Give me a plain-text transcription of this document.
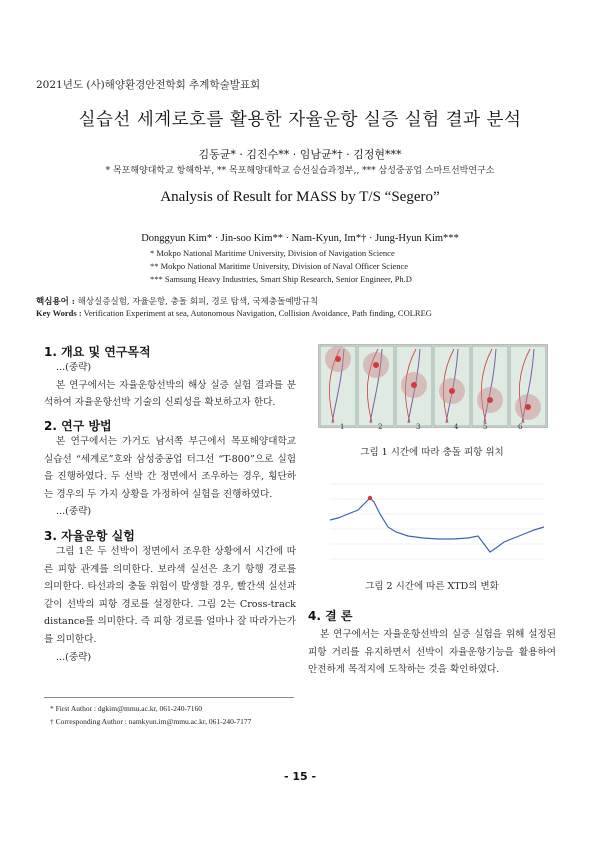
2021년도 (사)해양환경안전학회 추계학술발표회
실습선 세계로호를 활용한 자율운항 실증 실험 결과 분석
김동균* · 김진수** · 임남균*† · 김정현***
* 목포해양대학교 항해학부, ** 목포해양대학교 승선실습과정부,, *** 삼성중공업 스마트선박연구소
Analysis of Result for MASS by T/S “Segero”
Donggyun Kim* · Jin-soo Kim** · Nam-Kyun, Im*† · Jung-Hyun Kim***
* Mokpo National Maritime University, Division of Navigation Science
** Mokpo National Maritime University, Division of Naval Officer Science
*** Samsung Heavy Industries, Smart Ship Research, Senior Engineer, Ph.D
핵심용어 : 해상실증실험, 자율운항, 충돌 회피, 경로 탐색, 국제충돌예방규칙
Key Words : Verification Experiment at sea, Autonomous Navigation, Collision Avoidance, Path finding, COLREG
1. 개요 및 연구목적

...(중략)

본 연구에서는 자율운항선박의 해상 실증 실험 결과를 분석하여 자율운항선박 기술의 신뢰성을 확보하고자 한다.

2. 연구 방법

본 연구에서는 가거도 남서쪽 부근에서 목포해양대학교 실습선 “세계로”호와 삼성중공업 터그선 “T-800”으로 실험을 진행하였다. 두 선박 간 정면에서 조우하는 경우, 횡단하는 경우의 두 가지 상황을 가정하여 실험을 진행하였다.

...(중략)

3. 자율운항 실험

그림 1은 두 선박이 정면에서 조우한 상황에서 시간에 따른 피항 관계를 의미한다. 보라색 실선은 초기 항행 경로를 의미한다. 타선과의 충돌 위험이 발생할 경우, 빨간색 실선과 같이 선박의 피항 경로를 설정한다. 그림 2는 Cross-track distance를 의미한다. 즉 피항 경로를 얼마나 잘 따라가는가를 의미한다.

...(중략)

1	2	3	4	5	6
그림 1 시간에 따라 충돌 피항 위치
그림 2 시간에 따른 XTD의 변화
4. 결 론

본 연구에서는 자율운항선박의 실증 실험을 위해 설정된 피항 거리를 유지하면서 선박이 자율운항기능을 활용하여 안전하게 목적지에 도착하는 것을 확인하였다.

* First Author : dgkim@mmu.ac.kr, 061-240-7160
† Corresponding Author : namkyun.im@mmu.ac.kr, 061-240-7177
- 15 -
